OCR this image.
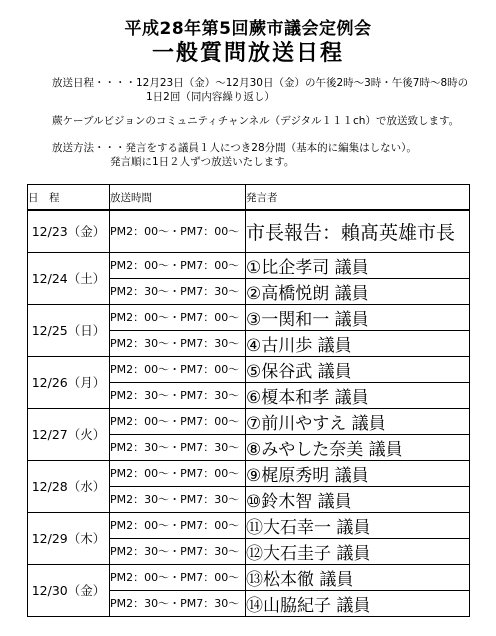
平成28年第5回蕨市議会定例会
一般質問放送日程
放送日程・・・・12月23日（金）～12月30日（金）の午後2時～3時・午後7時～8時の
1日2回（同内容繰り返し）
蕨ケーブルビジョンのコミュニティチャンネル（デジタル１１１ch）で放送致します。
放送方法・・・発言をする議員１人につき28分間（基本的に編集はしない）。
発言順に1日２人ずつ放送いたします。
日　程	放送時間	発言者
12/23（金）	PM2：00～・PM7：00～	市長報告：賴髙英雄市長
12/24（土）	PM2：00～・PM7：00～	①比企孝司 議員
	PM2：30～・PM7：30～	②高橋悦朗 議員
12/25（日）	PM2：00～・PM7：00～	③一関和一 議員
	PM2：30～・PM7：30～	④古川歩 議員
12/26（月）	PM2：00～・PM7：00～	⑤保谷武 議員
	PM2：30～・PM7：30～	⑥榎本和孝 議員
12/27（火）	PM2：00～・PM7：00～	⑦前川やすえ 議員
	PM2：30～・PM7：30～	⑧みやした奈美 議員
12/28（水）	PM2：00～・PM7：00～	⑨梶原秀明 議員
	PM2：30～・PM7：30～	⑩鈴木智 議員
12/29（木）	PM2：00～・PM7：00～	⑪大石幸一 議員
	PM2：30～・PM7：30～	⑫大石圭子 議員
12/30（金）	PM2：00～・PM7：00～	⑬松本徹 議員
	PM2：30～・PM7：30～	⑭山脇紀子 議員
